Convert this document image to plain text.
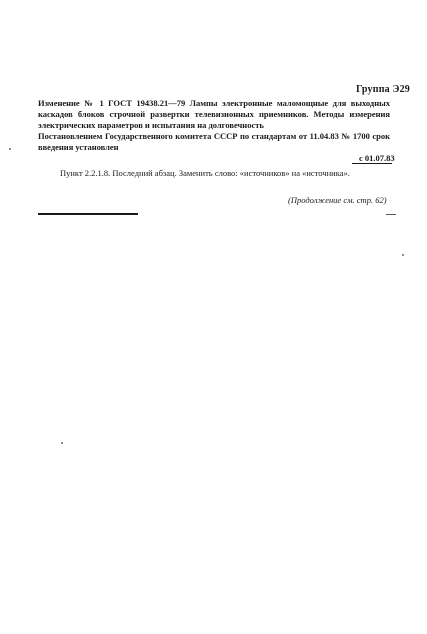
Группа Э29
Изменение № 1 ГОСТ 19438.21—79 Лампы электронные маломощные для выходных каскадов блоков строчной развертки телевизионных приемников. Методы измерения электрических параметров и испытания на долговечность
Постановлением Государственного комитета СССР по стандартам от 11.04.83 № 1700 срок введения установлен
с 01.07.83
Пункт 2.2.1.8. Последний абзац. Заменить слово: «источников» на «источника».
(Продолжение см. стр. 62)
